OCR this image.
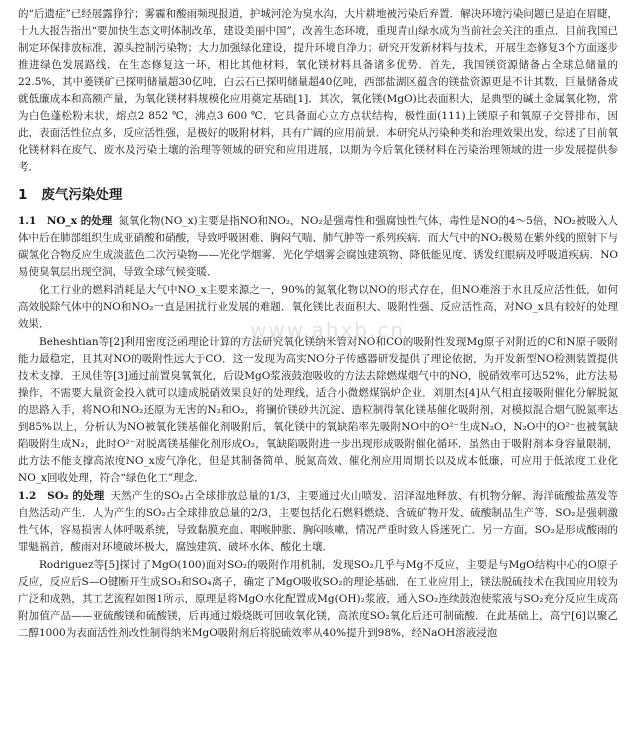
的“后遗症”已经展露狰狞；雾霾和酸雨频现报道，护城河沦为臭水沟，大片耕地被污染后弃置．解决环境污染问题已是迫在眉睫，十九大报告指出“要加快生态文明体制改革，建设美丽中国”，改善生态环境，重现青山绿水成为当前社会关注的重点．目前我国已制定环保排放标准，源头控制污染物；大力加强绿化建设，提升环境自净力；研究开发新材料与技术，开展生态修复3个方面逐步推进绿色发展路线．在生态修复这一环，相比其他材料，氧化镁材料具备诸多优势．首先，我国镁资源储备占全球总储量的22.5%，其中菱镁矿已探明储量超30亿吨，白云石已探明储量超40亿吨，西部盐湖区蕴含的镁盐资源更是不计其数，巨量储备成就低廉成本和高额产量，为氧化镁材料规模化应用奠定基础[1]．其次，氧化镁(MgO)比表面积大，是典型的碱土金属氧化物，常为白色蓬松粉末状，熔点2 852 ℃，沸点3 600 ℃．它具备面心立方点状结构，极性面(111)上镁原子和氧原子交替排布，因此，表面活性位点多，反应活性强，是极好的吸附材料，具有广阔的应用前景．本研究从污染种类和治理效果出发，综述了目前氧化镁材料在废气、废水及污染土壤的治理等领域的研究和应用进展，以期为今后氧化镁材料在污染治理领域的进一步发展提供参考．

1 废气污染处理

1.1　NO_x 的处理 氮氧化物(NO_x)主要是指NO和NO₂，NO₂是强毒性和强腐蚀性气体，毒性是NO的4～5倍，NO₂被吸入人体中后在肺部组织生成亚硝酸和硝酸，导致呼吸困难、胸闷气喘、肺气肿等一系列疾病．而大气中的NO₂极易在紫外线的照射下与碳氢化合物反应生成淡蓝色二次污染物——光化学烟雾．光化学烟雾会腐蚀建筑物、降低能见度、诱发红眼病及呼吸道疾病．NO易使臭氧层出现空洞，导致全球气候变暖．

化工行业的燃料消耗是大气中NO_x主要来源之一，90%的氮氧化物以NO的形式存在，但NO难溶于水且反应活性低，如何高效脱除气体中的NO和NO₂一直是困扰行业发展的难题．氧化镁比表面积大、吸附性强、反应活性高，对NO_x具有较好的处理效果．

Beheshtian等[2]利用密度泛函理论计算的方法研究氧化镁纳米管对NO和CO的吸附性发现Mg原子对附近的C和N原子吸附能力最稳定，且其对NO的吸附性远大于CO．这一发现为高实NO分子传感器研发提供了理论依据，为开发新型NO检测装置提供技术支撑．王凤佳等[3]通过前置臭氧氧化，后设MgO浆液鼓泡吸收的方法去除燃煤烟气中的NO，脱硝效率可达52%，此方法易操作，不需要大量资金投入就可以達成脱硝效果良好的处理线，适合小微燃煤锅炉企业．刘朋杰[4]从气相直接吸附催化分解脱氮的思路入手，将NO和NO₂还原为无害的N₂和O₂，将镧价镁砂共沉淀、造粒制得氧化镁基催化吸附剂，对模拟混合烟气脱氮率达到85%以上，分析认为NO被氧化镁基催化剂吸附后，氧化镁中的氧缺陷率先吸附NO中的O²⁻生成N₂O，N₂O中的O²⁻也被氧缺陷吸附生成N₂，此时O²⁻对脱离镁基催化剂形成O₂，氧缺陷吸附进一步出现形成吸附催化循环．虽然由于吸附剂本身容量限制，此方法不能支撑高浓度NO_x废气净化，但是其制备简单、脱氮高效、催化剂应用周期长以及成本低廉，可应用于低浓度工业化NO_x回收处理，符合“绿色化工”理念．

1.2　SO₂ 的处理 天然产生的SO₂占全球排放总量的1/3，主要通过火山喷发、沼泽湿地释放、有机物分解、海洋硫酸盐蒸发等自然活动产生．人为产生的SO₂占全球排放总量的2/3，主要包括化石燃料燃烧、含硫矿物开发、硫酸制品生产等．SO₂是强刺激性气体，容易损害人体呼吸系统，导致黏膜充血、咽喉肿胀、胸闷咳嗽，情况严重时致人昏迷死亡．另一方面，SO₂是形成酸雨的罪魁祸首，酸雨对环境破坏极大，腐蚀建筑、破坏水体、酸化土壤．

Rodriguez等[5]探讨了MgO(100)面对SO₂的吸附作用机制，发现SO₂几乎与Mg不反应，主要是与MgO结构中心的O原子反应，反应后S—O键断开生成SO₃和SO₄离子，确定了MgO吸收SO₂的理论基础．在工业应用上，镁法脱硫技术在我国应用较为广泛和成熟，其工艺流程如图1所示，原理是将MgO水化配置成Mg(OH)₂浆液，通入SO₂连续鼓泡使浆液与SO₂充分反应生成高附加值产品——亚硫酸镁和硫酸镁，后再通过煅烧既可回收氧化镁，高浓度SO₂氧化后还可制硫酸．在此基础上，高宁[6]以聚乙二醇1000为表面活性剂改性制得纳米MgO吸附剂后将脱硫效率从40%提升到98%，经NaOH溶液浸泡

www.ahxb.cn
